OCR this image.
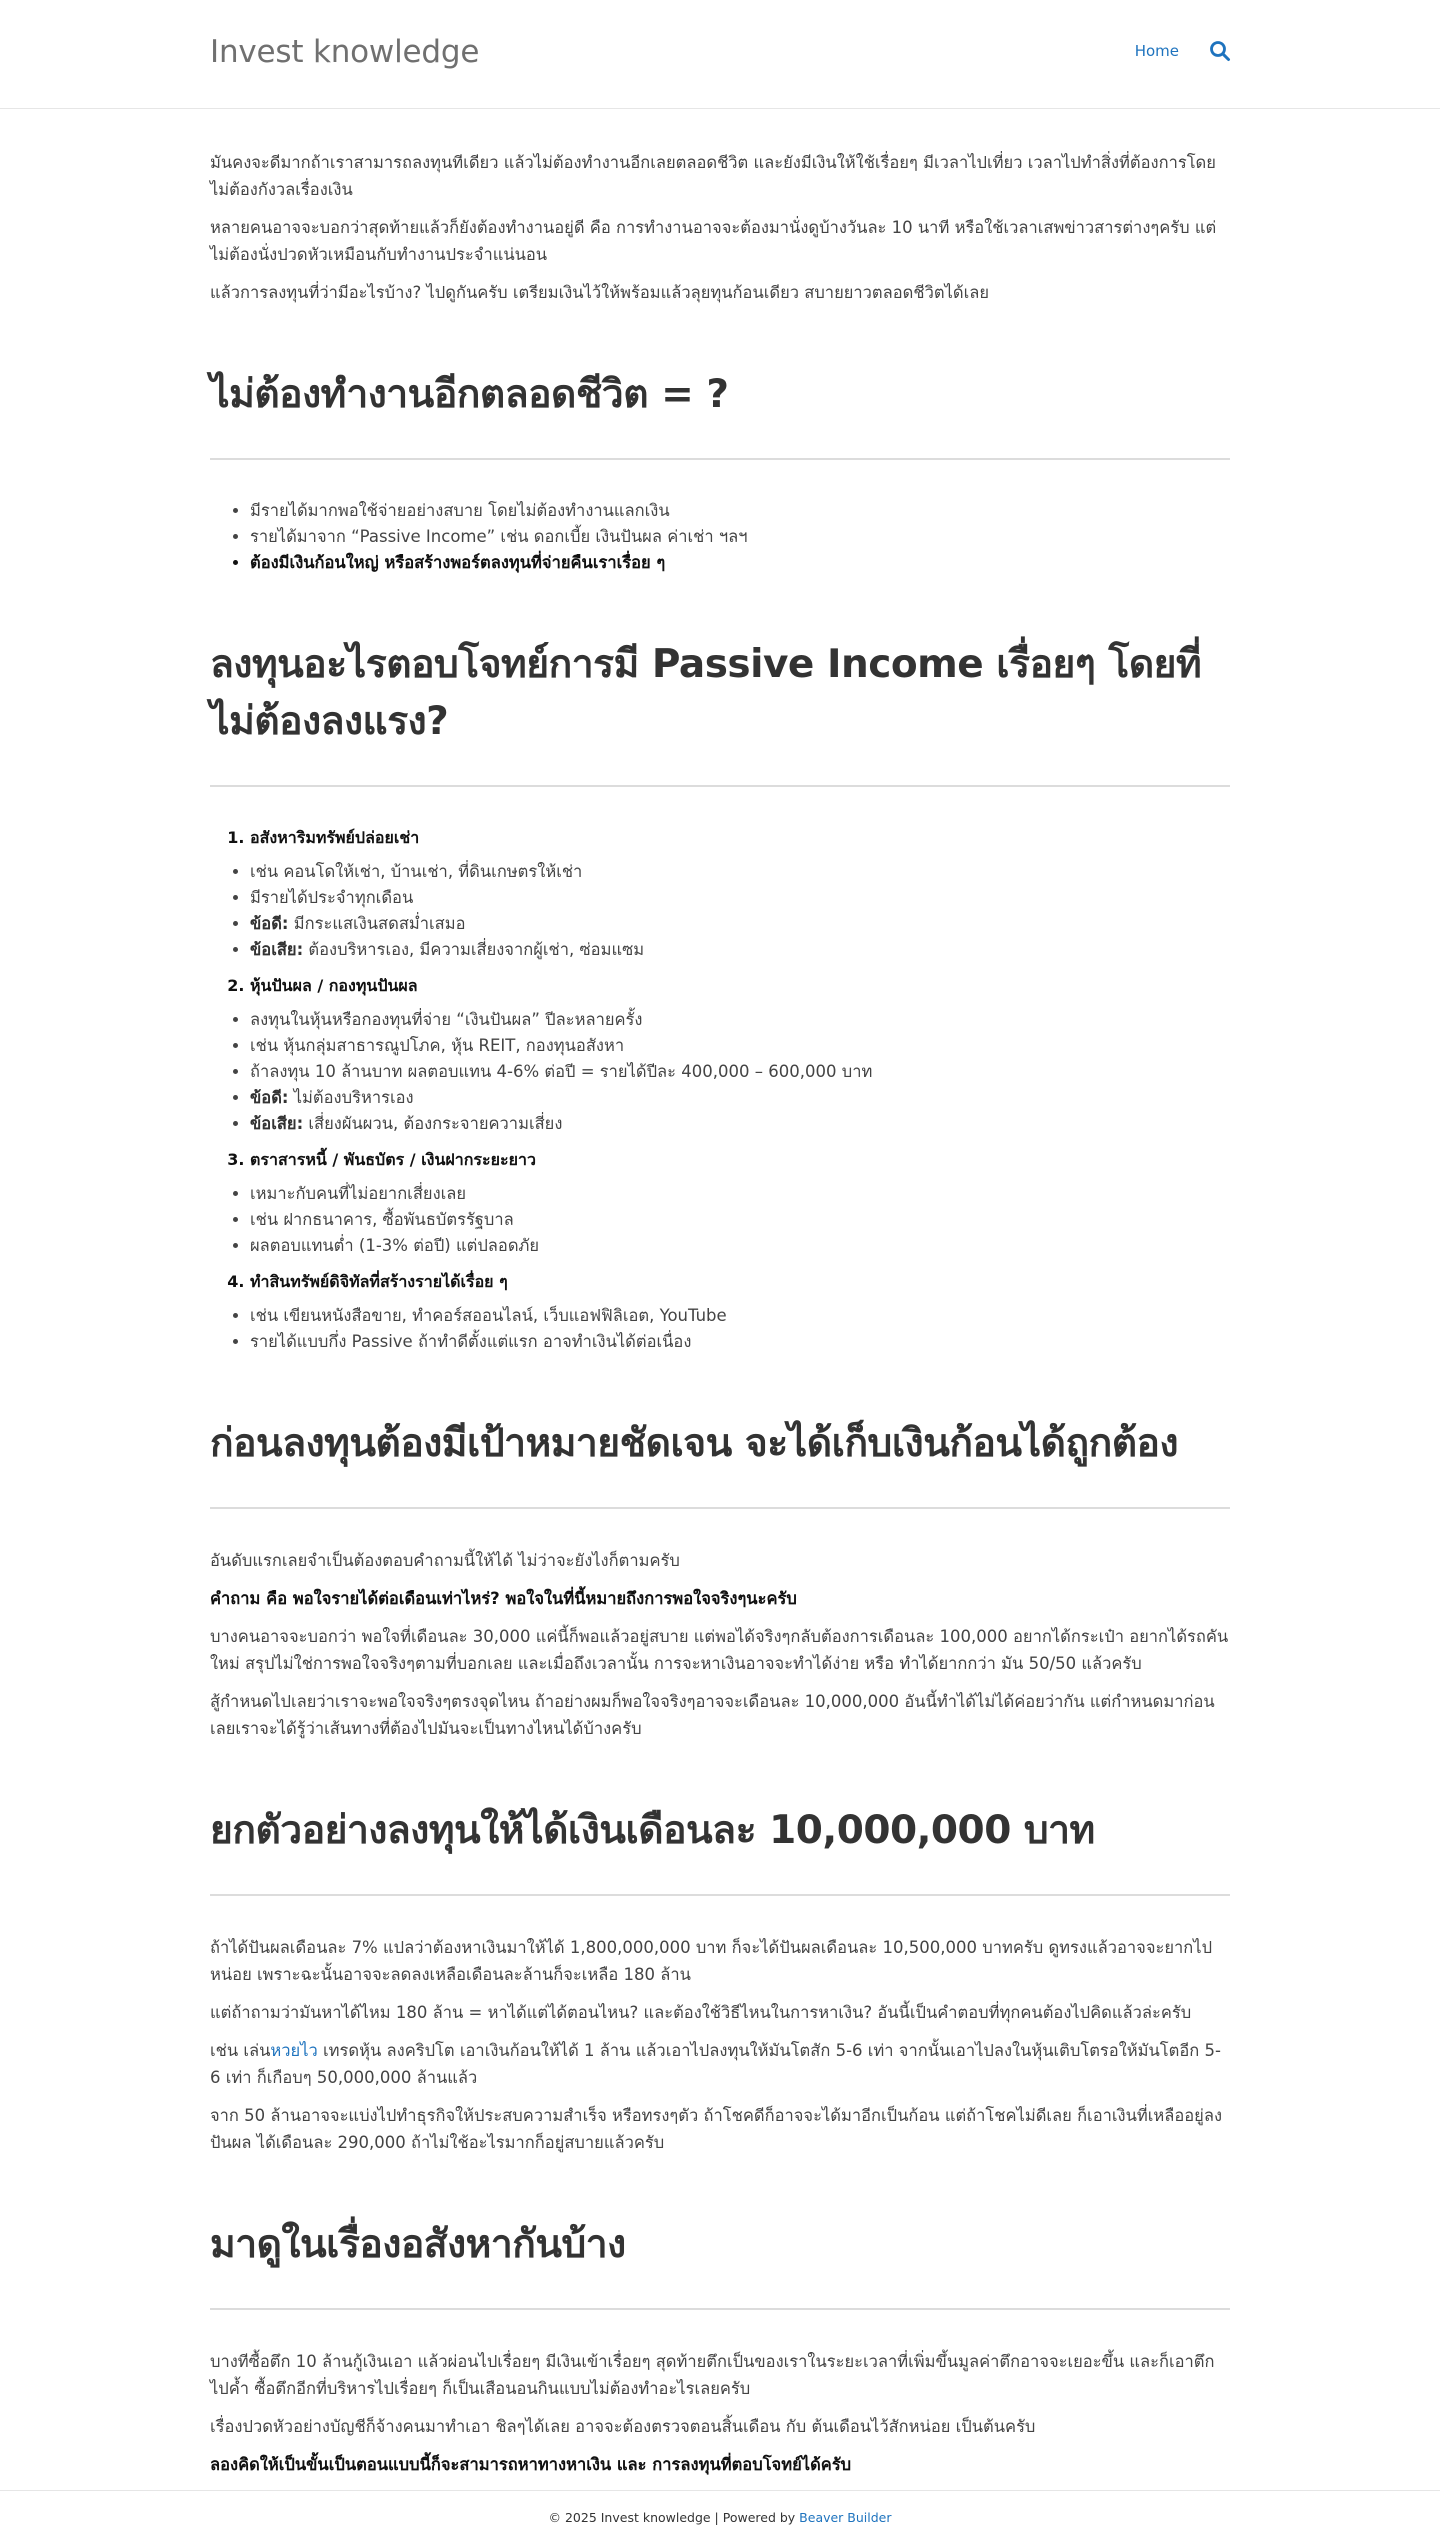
Invest knowledge	Home

มันคงจะดีมากถ้าเราสามารถลงทุนทีเดียว แล้วไม่ต้องทำงานอีกเลยตลอดชีวิต และยังมีเงินให้ใช้เรื่อยๆ มีเวลาไปเที่ยว เวลาไปทำสิ่งที่ต้องการโดยไม่ต้องกังวลเรื่องเงิน

หลายคนอาจจะบอกว่าสุดท้ายแล้วก็ยังต้องทำงานอยู่ดี คือ การทำงานอาจจะต้องมานั่งดูบ้างวันละ 10 นาที หรือใช้เวลาเสพข่าวสารต่างๆครับ แต่ไม่ต้องนั่งปวดหัวเหมือนกับทำงานประจำแน่นอน

แล้วการลงทุนที่ว่ามีอะไรบ้าง? ไปดูกันครับ เตรียมเงินไว้ให้พร้อมแล้วลุยทุนก้อนเดียว สบายยาวตลอดชีวิตได้เลย

ไม่ต้องทำงานอีกตลอดชีวิต = ?
• มีรายได้มากพอใช้จ่ายอย่างสบาย โดยไม่ต้องทำงานแลกเงิน
• รายได้มาจาก “Passive Income” เช่น ดอกเบี้ย เงินปันผล ค่าเช่า ฯลฯ
• ต้องมีเงินก้อนใหญ่ หรือสร้างพอร์ตลงทุนที่จ่ายคืนเราเรื่อย ๆ
ลงทุนอะไรตอบโจทย์การมี Passive Income เรื่อยๆ โดยที่ไม่ต้องลงแรง?
1. อสังหาริมทรัพย์ปล่อยเช่า
• เช่น คอนโดให้เช่า, บ้านเช่า, ที่ดินเกษตรให้เช่า
• มีรายได้ประจำทุกเดือน
• ข้อดี: มีกระแสเงินสดสม่ำเสมอ
• ข้อเสีย: ต้องบริหารเอง, มีความเสี่ยงจากผู้เช่า, ซ่อมแซม
2. หุ้นปันผล / กองทุนปันผล
• ลงทุนในหุ้นหรือกองทุนที่จ่าย “เงินปันผล” ปีละหลายครั้ง
• เช่น หุ้นกลุ่มสาธารณูปโภค, หุ้น REIT, กองทุนอสังหา
• ถ้าลงทุน 10 ล้านบาท ผลตอบแทน 4-6% ต่อปี = รายได้ปีละ 400,000 – 600,000 บาท
• ข้อดี: ไม่ต้องบริหารเอง
• ข้อเสีย: เสี่ยงผันผวน, ต้องกระจายความเสี่ยง
3. ตราสารหนี้ / พันธบัตร / เงินฝากระยะยาว
• เหมาะกับคนที่ไม่อยากเสี่ยงเลย
• เช่น ฝากธนาคาร, ซื้อพันธบัตรรัฐบาล
• ผลตอบแทนต่ำ (1-3% ต่อปี) แต่ปลอดภัย
4. ทำสินทรัพย์ดิจิทัลที่สร้างรายได้เรื่อย ๆ
• เช่น เขียนหนังสือขาย, ทำคอร์สออนไลน์, เว็บแอฟฟิลิเอต, YouTube
• รายได้แบบกึ่ง Passive ถ้าทำดีตั้งแต่แรก อาจทำเงินได้ต่อเนื่อง
ก่อนลงทุนต้องมีเป้าหมายชัดเจน จะได้เก็บเงินก้อนได้ถูกต้อง

อันดับแรกเลยจำเป็นต้องตอบคำถามนี้ให้ได้ ไม่ว่าจะยังไงก็ตามครับ

คำถาม คือ พอใจรายได้ต่อเดือนเท่าไหร่? พอใจในที่นี้หมายถึงการพอใจจริงๆนะครับ

บางคนอาจจะบอกว่า พอใจที่เดือนละ 30,000 แค่นี้ก็พอแล้วอยู่สบาย แต่พอได้จริงๆกลับต้องการเดือนละ 100,000 อยากได้กระเป๋า อยากได้รถคันใหม่ สรุปไม่ใช่การพอใจจริงๆตามที่บอกเลย และเมื่อถึงเวลานั้น การจะหาเงินอาจจะทำได้ง่าย หรือ ทำได้ยากกว่า มัน 50/50 แล้วครับ

สู้กำหนดไปเลยว่าเราจะพอใจจริงๆตรงจุดไหน ถ้าอย่างผมก็พอใจจริงๆอาจจะเดือนละ 10,000,000 อันนี้ทำได้ไม่ได้ค่อยว่ากัน แต่กำหนดมาก่อนเลยเราจะได้รู้ว่าเส้นทางที่ต้องไปมันจะเป็นทางไหนได้บ้างครับ

ยกตัวอย่างลงทุนให้ได้เงินเดือนละ 10,000,000 บาท

ถ้าได้ปันผลเดือนละ 7% แปลว่าต้องหาเงินมาให้ได้ 1,800,000,000 บาท ก็จะได้ปันผลเดือนละ 10,500,000 บาทครับ ดูทรงแล้วอาจจะยากไปหน่อย เพราะฉะนั้นอาจจะลดลงเหลือเดือนละล้านก็จะเหลือ 180 ล้าน

แต่ถ้าถามว่ามันหาได้ไหม 180 ล้าน = หาได้แต่ได้ตอนไหน? และต้องใช้วิธีไหนในการหาเงิน? อันนี้เป็นคำตอบที่ทุกคนต้องไปคิดแล้วล่ะครับ

เช่น เล่นหวยไว เทรดหุ้น ลงคริปโต เอาเงินก้อนให้ได้ 1 ล้าน แล้วเอาไปลงทุนให้มันโตสัก 5-6 เท่า จากนั้นเอาไปลงในหุ้นเติบโตรอให้มันโตอีก 5-6 เท่า ก็เกือบๆ 50,000,000 ล้านแล้ว

จาก 50 ล้านอาจจะแบ่งไปทำธุรกิจให้ประสบความสำเร็จ หรือทรงๆตัว ถ้าโชคดีก็อาจจะได้มาอีกเป็นก้อน แต่ถ้าโชคไม่ดีเลย ก็เอาเงินที่เหลืออยู่ลงปันผล ได้เดือนละ 290,000 ถ้าไม่ใช้อะไรมากก็อยู่สบายแล้วครับ

มาดูในเรื่องอสังหากันบ้าง

บางทีซื้อตึก 10 ล้านกู้เงินเอา แล้วผ่อนไปเรื่อยๆ มีเงินเข้าเรื่อยๆ สุดท้ายตึกเป็นของเราในระยะเวลาที่เพิ่มขึ้นมูลค่าตึกอาจจะเยอะขึ้น และก็เอาตึกไปค้ำ ซื้อตึกอีกที่บริหารไปเรื่อยๆ ก็เป็นเสือนอนกินแบบไม่ต้องทำอะไรเลยครับ

เรื่องปวดหัวอย่างบัญชีก็จ้างคนมาทำเอา ชิลๆได้เลย อาจจะต้องตรวจตอนสิ้นเดือน กับ ต้นเดือนไว้สักหน่อย เป็นต้นครับ

ลองคิดให้เป็นขั้นเป็นตอนแบบนี้ก็จะสามารถหาทางหาเงิน และ การลงทุนที่ตอบโจทย์ได้ครับ

© 2025 Invest knowledge | Powered by Beaver Builder
